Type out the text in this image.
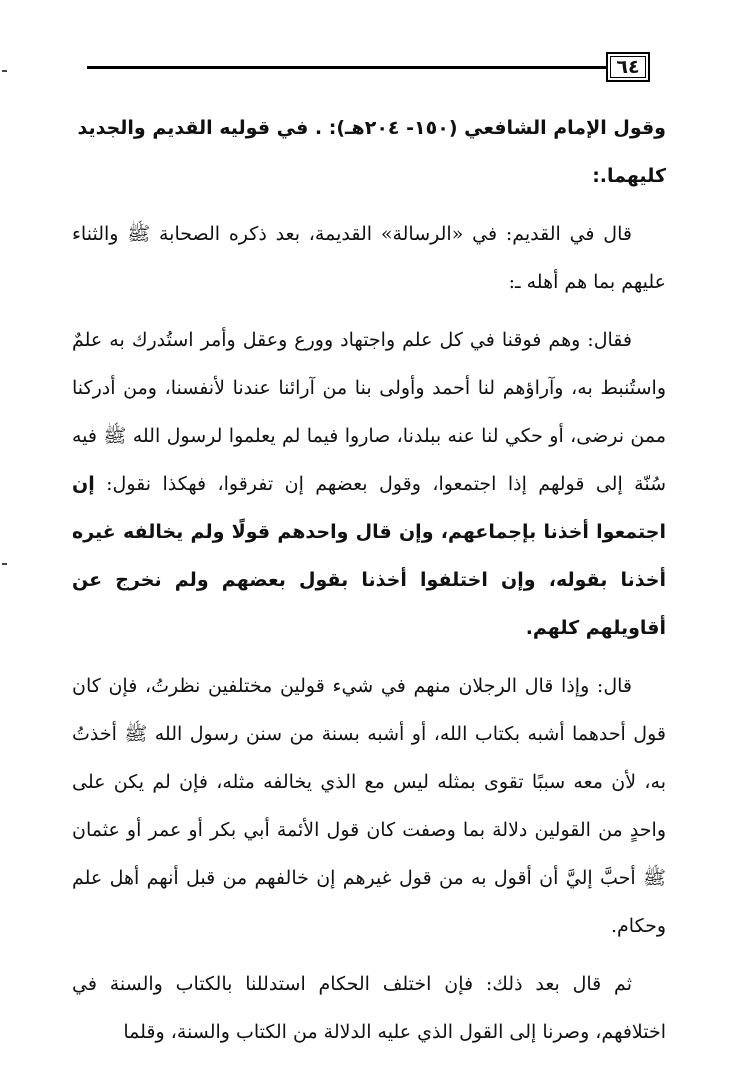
٦٤

وقول الإمام الشافعي (١٥٠- ٢٠٤هـ): . في قوليه القديم والجديد
كليهما.:

قال في القديم: في «الرسالة» القديمة، بعد ذكره الصحابة ﷺ والثناء عليهم بما هم أهله ـ:

فقال: وهم فوقنا في كل علم واجتهاد وورع وعقل وأمر استُدرك به علمٌ واستُنبط به، وآراؤهم لنا أحمد وأولى بنا من آرائنا عندنا لأنفسنا، ومن أدركنا ممن نرضى، أو حكي لنا عنه ببلدنا، صاروا فيما لم يعلموا لرسول الله ﷺ فيه سُنّة إلى قولهم إذا اجتمعوا، وقول بعضهم إن تفرقوا، فهكذا نقول: إن اجتمعوا أخذنا بإجماعهم، وإن قال واحدهم قولًا ولم يخالفه غيره أخذنا بقوله، وإن اختلفوا أخذنا بقول بعضهم ولم نخرج عن أقاويلهم كلهم.

قال: وإذا قال الرجلان منهم في شيء قولين مختلفين نظرتُ، فإن كان قول أحدهما أشبه بكتاب الله، أو أشبه بسنة من سنن رسول الله ﷺ أخذتُ به، لأن معه سببًا تقوى بمثله ليس مع الذي يخالفه مثله، فإن لم يكن على واحدٍ من القولين دلالة بما وصفت كان قول الأئمة أبي بكر أو عمر أو عثمان ﷺ أحبَّ إليَّ أن أقول به من قول غيرهم إن خالفهم من قبل أنهم أهل علم وحكام.

ثم قال بعد ذلك: فإن اختلف الحكام استدللنا بالكتاب والسنة في اختلافهم، وصرنا إلى القول الذي عليه الدلالة من الكتاب والسنة، وقلما
